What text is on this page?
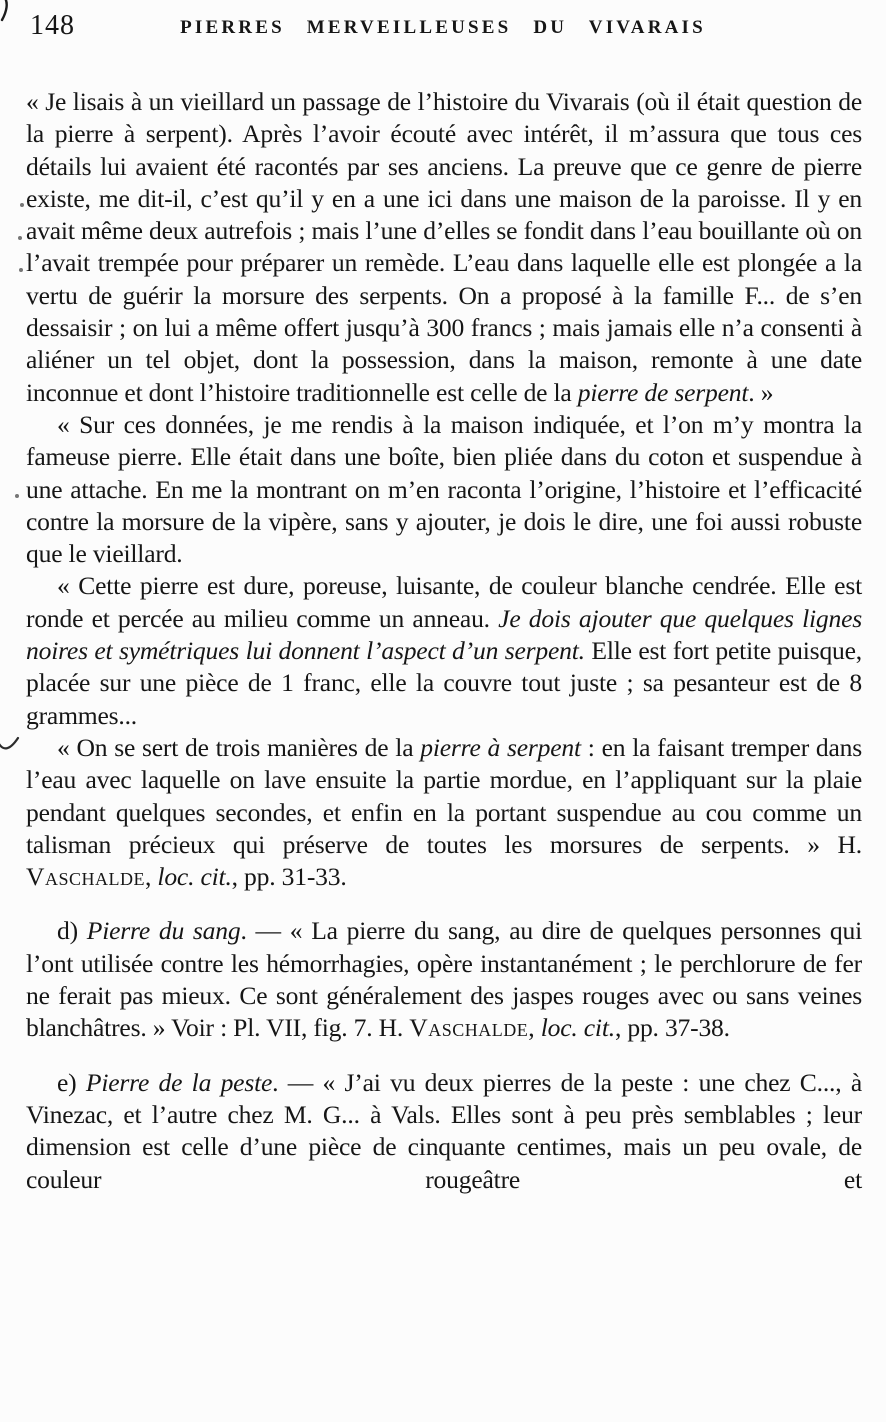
148	PIERRES MERVEILLEUSES DU VIVARAIS

« Je lisais à un vieillard un passage de l’histoire du Vivarais (où il était question de la pierre à serpent). Après l’avoir écouté avec intérêt, il m’assura que tous ces détails lui avaient été racontés par ses anciens. La preuve que ce genre de pierre existe, me dit-il, c’est qu’il y en a une ici dans une maison de la paroisse. Il y en avait même deux autrefois ; mais l’une d’elles se fondit dans l’eau bouillante où on l’avait trempée pour préparer un remède. L’eau dans laquelle elle est plongée a la vertu de guérir la morsure des serpents. On a proposé à la famille F... de s’en dessaisir ; on lui a même offert jusqu’à 300 francs ; mais jamais elle n’a consenti à aliéner un tel objet, dont la possession, dans la maison, remonte à une date inconnue et dont l’histoire traditionnelle est celle de la pierre de serpent. »

« Sur ces données, je me rendis à la maison indiquée, et l’on m’y montra la fameuse pierre. Elle était dans une boîte, bien pliée dans du coton et suspendue à une attache. En me la montrant on m’en raconta l’origine, l’histoire et l’efficacité contre la morsure de la vipère, sans y ajouter, je dois le dire, une foi aussi robuste que le vieillard.

« Cette pierre est dure, poreuse, luisante, de couleur blanche cendrée. Elle est ronde et percée au milieu comme un anneau. Je dois ajouter que quelques lignes noires et symétriques lui donnent l’aspect d’un serpent. Elle est fort petite puisque, placée sur une pièce de 1 franc, elle la couvre tout juste ; sa pesanteur est de 8 grammes...

« On se sert de trois manières de la pierre à serpent : en la faisant tremper dans l’eau avec laquelle on lave ensuite la partie mordue, en l’appliquant sur la plaie pendant quelques secondes, et enfin en la portant suspendue au cou comme un talisman précieux qui préserve de toutes les morsures de serpents. » H. Vaschalde, loc. cit., pp. 31-33.

d) Pierre du sang. — « La pierre du sang, au dire de quelques personnes qui l’ont utilisée contre les hémorrhagies, opère instantanément ; le perchlorure de fer ne ferait pas mieux. Ce sont généralement des jaspes rouges avec ou sans veines blanchâtres. » Voir : Pl. VII, fig. 7. H. Vaschalde, loc. cit., pp. 37-38.

e) Pierre de la peste. — « J’ai vu deux pierres de la peste : une chez C..., à Vinezac, et l’autre chez M. G... à Vals. Elles sont à peu près semblables ; leur dimension est celle d’une pièce de cinquante centimes, mais un peu ovale, de couleur rougeâtre et
